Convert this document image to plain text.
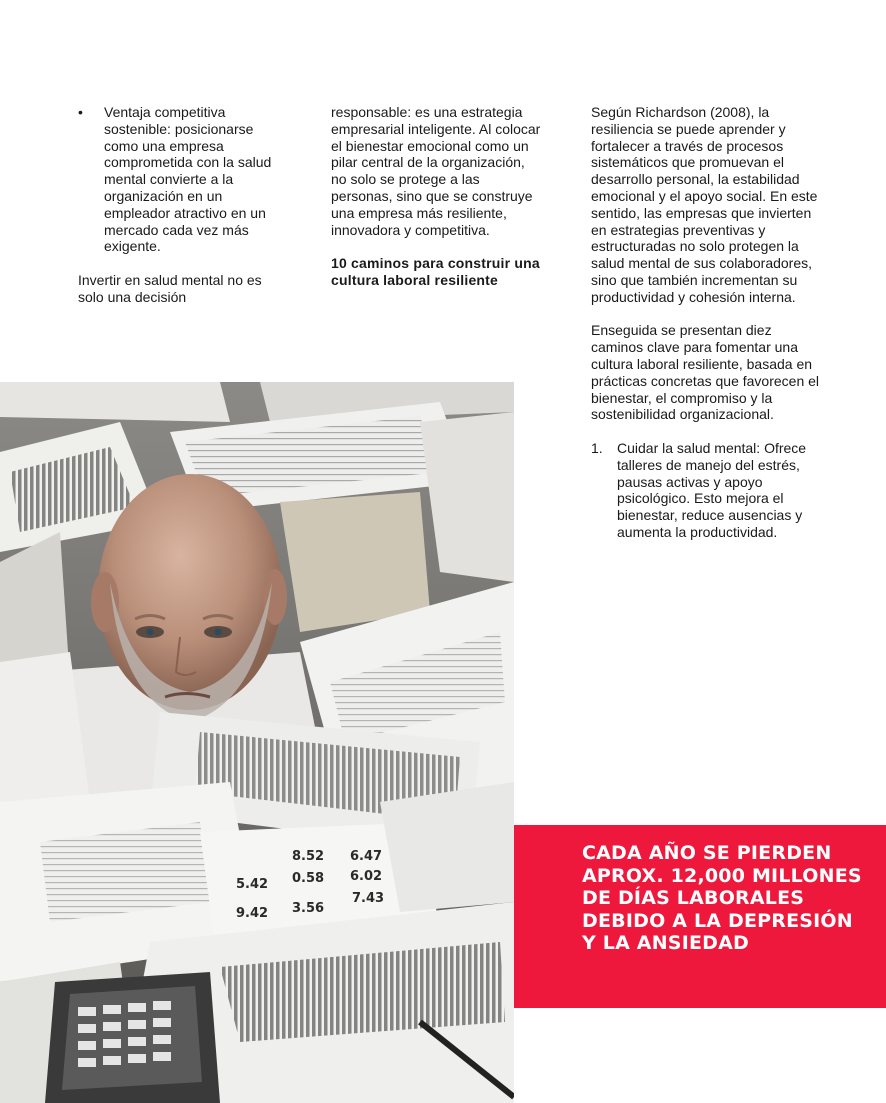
•	Ventaja competitiva sostenible: posicionarse como una empresa comprometida con la salud mental convierte a la organización en un empleador atractivo en un mercado cada vez más exigente.

Invertir en salud mental no es solo una decisión

responsable: es una estrategia empresarial inteligente. Al colocar el bienestar emocional como un pilar central de la organización, no solo se protege a las personas, sino que se construye una empresa más resiliente, innovadora y competitiva.

10 caminos para construir una cultura laboral resiliente

Según Richardson (2008), la resiliencia se puede aprender y fortalecer a través de procesos sistemáticos que promuevan el desarrollo personal, la estabilidad emocional y el apoyo social. En este sentido, las empresas que invierten en estrategias preventivas y estructuradas no solo protegen la salud mental de sus colaboradores, sino que también incrementan su productividad y cohesión interna.

Enseguida se presentan diez caminos clave para fomentar una cultura laboral resiliente, basada en prácticas concretas que favorecen el bienestar, el compromiso y la sostenibilidad organizacional.

1.	Cuidar la salud mental: Ofrece talleres de manejo del estrés, pausas activas y apoyo psicológico. Esto mejora el bienestar, reduce ausencias y aumenta la productividad.

8.52 6.47
0.58 6.02
9.42 3.56
7.43
5.42
CADA AÑO SE PIERDEN APROX. 12,000 MILLONES DE DÍAS LABORALES DEBIDO A LA DEPRESIÓN Y LA ANSIEDAD
